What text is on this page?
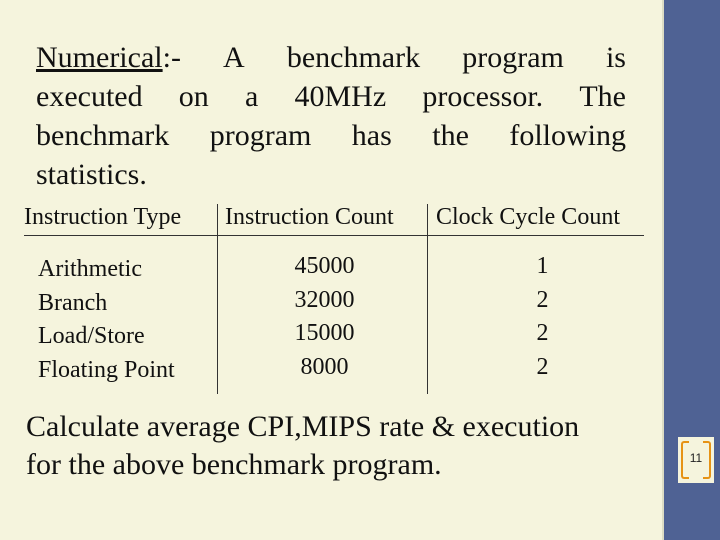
11
Numerical:- A benchmark program is
executed on a 40MHz processor. The
benchmark program has the following
statistics.
Instruction Type Instruction Count Clock Cycle Count
Arithmetic
Branch
Load/Store
Floating Point
45000
32000
15000
8000
1
2
2
2
Calculate average CPI,MIPS rate & execution
for the above benchmark program.
